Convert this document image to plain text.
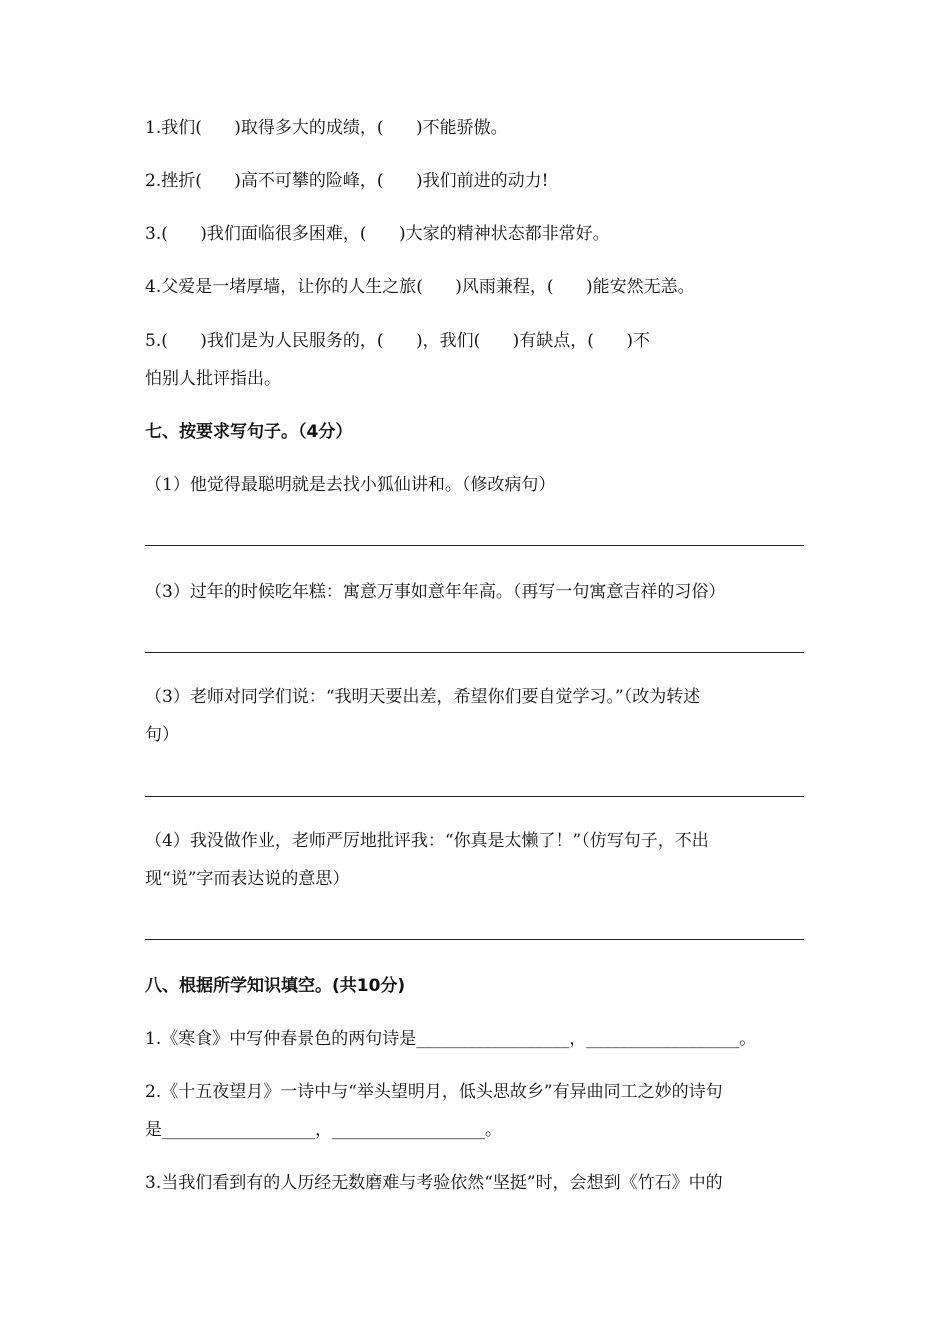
1.我们(      )取得多大的成绩，(      )不能骄傲。
2.挫折(      )高不可攀的险峰，(      )我们前进的动力!
3.(      )我们面临很多困难，(      )大家的精神状态都非常好。
4.父爱是一堵厚墙，让你的人生之旅(      )风雨兼程，(      )能安然无恙。
5.(      )我们是为人民服务的，(      )，我们(      )有缺点，(      )不
怕别人批评指出。
七、按要求写句子。（4分）
（1）他觉得最聪明就是去找小狐仙讲和。（修改病句）
（3）过年的时候吃年糕：寓意万事如意年年高。（再写一句寓意吉祥的习俗）
（3）老师对同学们说：“我明天要出差，希望你们要自觉学习。”（改为转述
句）
（4）我没做作业，老师严厉地批评我：“你真是太懒了！”（仿写句子，不出
现“说”字而表达说的意思）
八、根据所学知识填空。(共10分)
1.《寒食》中写仲春景色的两句诗是__________________，__________________。
2.《十五夜望月》一诗中与“举头望明月，低头思故乡”有异曲同工之妙的诗句
是__________________，__________________。
3.当我们看到有的人历经无数磨难与考验依然“坚挺”时，会想到《竹石》中的
